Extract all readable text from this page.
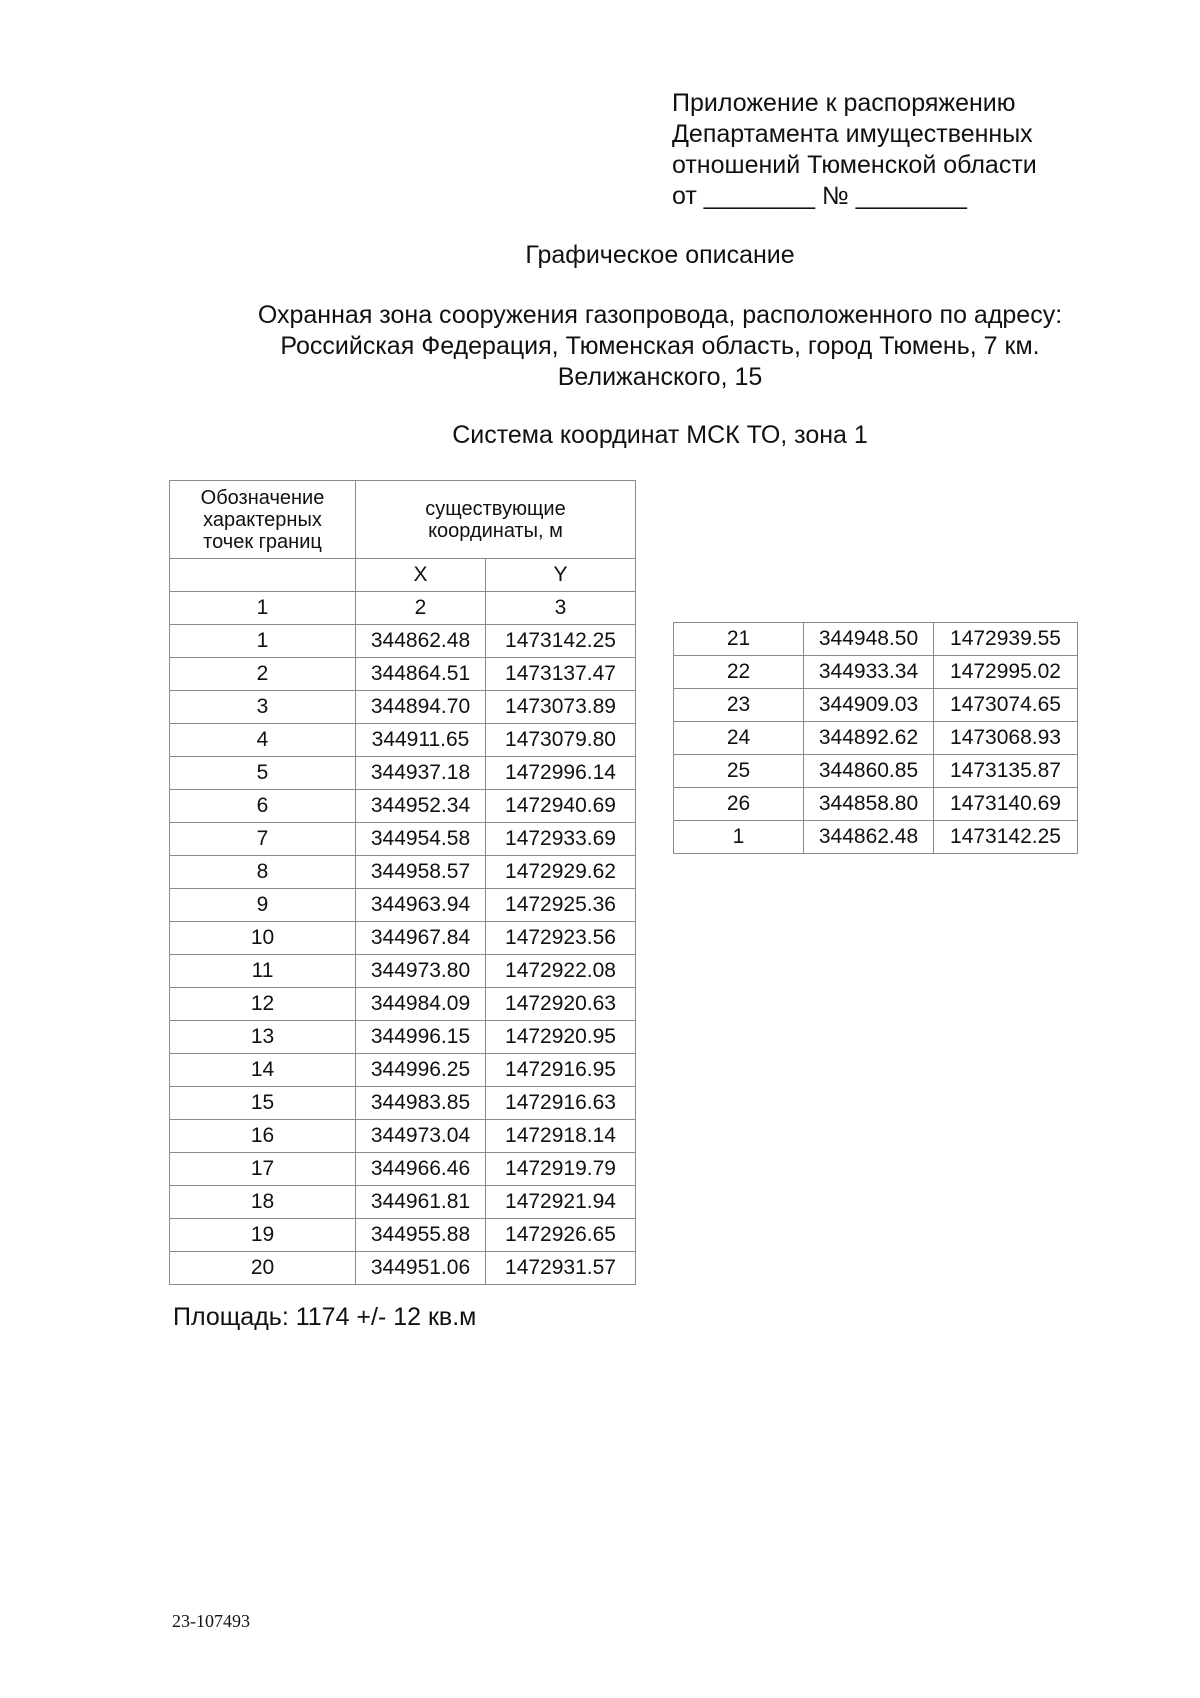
Приложение к распоряжению
Департамента имущественных
отношений Тюменской области
от ________ № ________
Графическое описание
Охранная зона сооружения газопровода, расположенного по адресу:
Российская Федерация, Тюменская область, город Тюмень, 7 км.
Велижанского, 15
Система координат МСК ТО, зона 1
Обозначение
характерных
точек границ	существующие
координаты, м	
	X	Y
1	2	3
1	344862.48	1473142.25
2	344864.51	1473137.47
3	344894.70	1473073.89
4	344911.65	1473079.80
5	344937.18	1472996.14
6	344952.34	1472940.69
7	344954.58	1472933.69
8	344958.57	1472929.62
9	344963.94	1472925.36
10	344967.84	1472923.56
11	344973.80	1472922.08
12	344984.09	1472920.63
13	344996.15	1472920.95
14	344996.25	1472916.95
15	344983.85	1472916.63
16	344973.04	1472918.14
17	344966.46	1472919.79
18	344961.81	1472921.94
19	344955.88	1472926.65
20	344951.06	1472931.57
21	344948.50	1472939.55
22	344933.34	1472995.02
23	344909.03	1473074.65
24	344892.62	1473068.93
25	344860.85	1473135.87
26	344858.80	1473140.69
1	344862.48	1473142.25
Площадь: 1174 +/- 12 кв.м
23-107493
